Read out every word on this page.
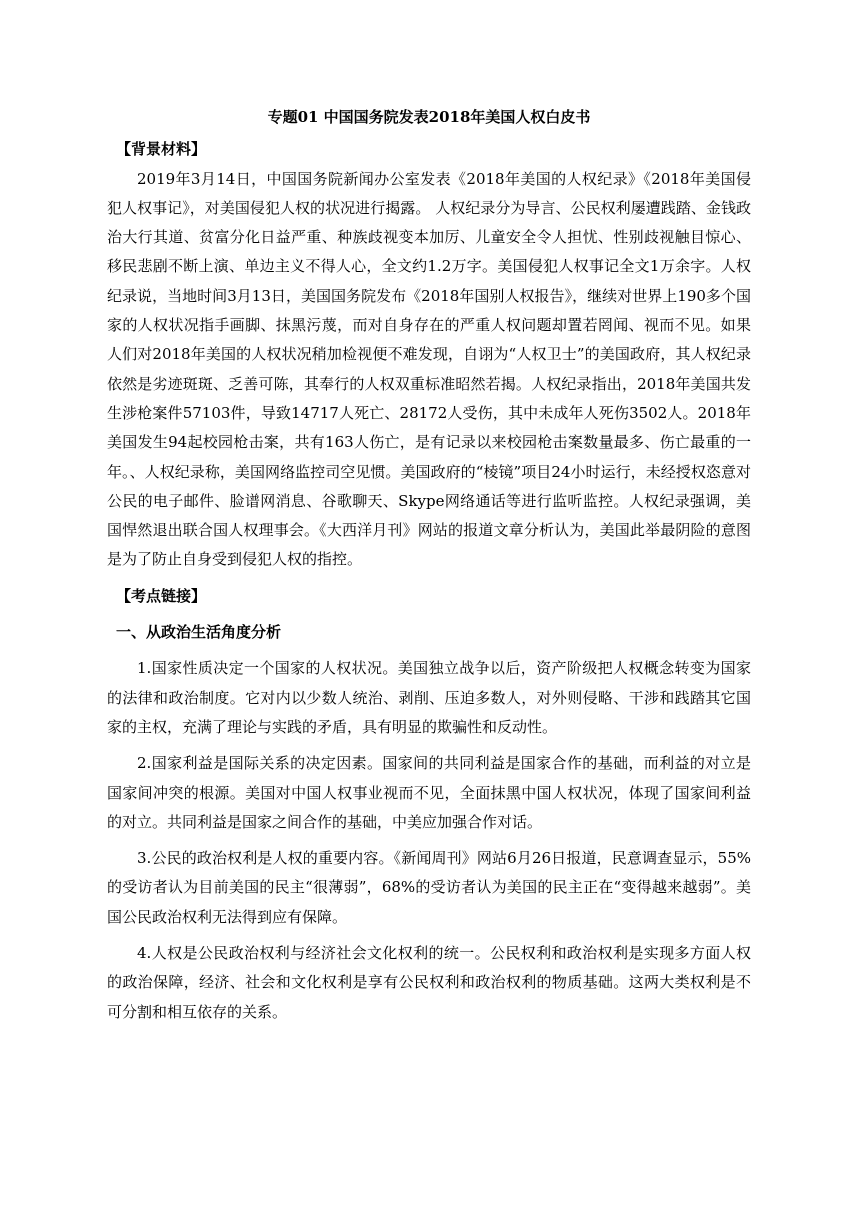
专题01 中国国务院发表2018年美国人权白皮书

【背景材料】

2019年3月14日，中国国务院新闻办公室发表《2018年美国的人权纪录》《2018年美国侵犯人权事记》，对美国侵犯人权的状况进行揭露。 人权纪录分为导言、公民权利屡遭践踏、金钱政治大行其道、贫富分化日益严重、种族歧视变本加厉、儿童安全令人担忧、性别歧视触目惊心、移民悲剧不断上演、单边主义不得人心，全文约1.2万字。美国侵犯人权事记全文1万余字。人权纪录说，当地时间3月13日，美国国务院发布《2018年国别人权报告》，继续对世界上190多个国家的人权状况指手画脚、抹黑污蔑，而对自身存在的严重人权问题却置若罔闻、视而不见。如果人们对2018年美国的人权状况稍加检视便不难发现，自诩为“人权卫士”的美国政府，其人权纪录依然是劣迹斑斑、乏善可陈，其奉行的人权双重标准昭然若揭。人权纪录指出，2018年美国共发生涉枪案件57103件，导致14717人死亡、28172人受伤，其中未成年人死伤3502人。2018年美国发生94起校园枪击案，共有163人伤亡，是有记录以来校园枪击案数量最多、伤亡最重的一年。、人权纪录称，美国网络监控司空见惯。美国政府的“棱镜”项目24小时运行，未经授权恣意对公民的电子邮件、脸谱网消息、谷歌聊天、Skype网络通话等进行监听监控。人权纪录强调，美国悍然退出联合国人权理事会。《大西洋月刊》网站的报道文章分析认为，美国此举最阴险的意图是为了防止自身受到侵犯人权的指控。

【考点链接】

一、从政治生活角度分析

1.国家性质决定一个国家的人权状况。美国独立战争以后，资产阶级把人权概念转变为国家的法律和政治制度。它对内以少数人统治、剥削、压迫多数人，对外则侵略、干涉和践踏其它国家的主权，充满了理论与实践的矛盾，具有明显的欺骗性和反动性。

2.国家利益是国际关系的决定因素。国家间的共同利益是国家合作的基础，而利益的对立是国家间冲突的根源。美国对中国人权事业视而不见，全面抹黑中国人权状况，体现了国家间利益的对立。共同利益是国家之间合作的基础，中美应加强合作对话。

3.公民的政治权利是人权的重要内容。《新闻周刊》网站6月26日报道，民意调查显示，55%的受访者认为目前美国的民主“很薄弱”，68%的受访者认为美国的民主正在“变得越来越弱”。美国公民政治权利无法得到应有保障。

4.人权是公民政治权利与经济社会文化权利的统一。公民权利和政治权利是实现多方面人权的政治保障，经济、社会和文化权利是享有公民权利和政治权利的物质基础。这两大类权利是不可分割和相互依存的关系。
